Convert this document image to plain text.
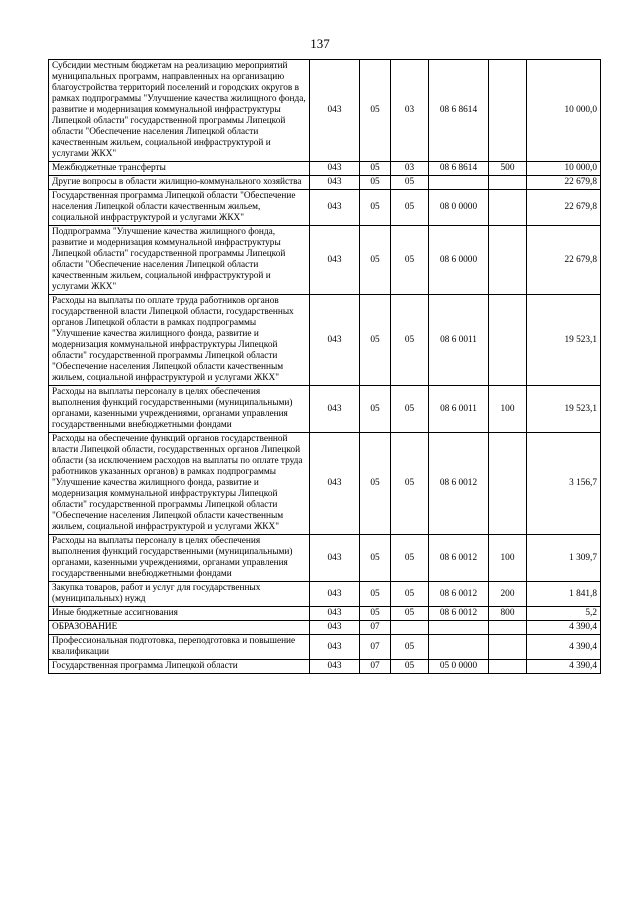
137
Субсидии местным бюджетам на реализацию мероприятий муниципальных программ, направленных на организацию благоустройства территорий поселений и городских округов в рамках подпрограммы "Улучшение качества жилищного фонда, развитие и модернизация коммунальной инфраструктуры Липецкой области" государственной программы Липецкой области "Обеспечение населения Липецкой области качественным жильем, социальной инфраструктурой и услугами ЖКХ"	043	05	03	08 6 8614		10 000,0
Межбюджетные трансферты	043	05	03	08 6 8614	500	10 000,0
Другие вопросы в области жилищно-коммунального хозяйства	043	05	05			22 679,8
Государственная программа Липецкой области "Обеспечение населения Липецкой области качественным жильем, социальной инфраструктурой и услугами ЖКХ"	043	05	05	08 0 0000		22 679,8
Подпрограмма "Улучшение качества жилищного фонда, развитие и модернизация коммунальной инфраструктуры Липецкой области" государственной программы Липецкой области "Обеспечение населения Липецкой области качественным жильем, социальной инфраструктурой и услугами ЖКХ"	043	05	05	08 6 0000		22 679,8
Расходы на выплаты по оплате труда работников органов государственной власти Липецкой области, государственных органов Липецкой области в рамках подпрограммы "Улучшение качества жилищного фонда, развитие и модернизация коммунальной инфраструктуры Липецкой области" государственной программы Липецкой области "Обеспечение населения Липецкой области качественным жильем, социальной инфраструктурой и услугами ЖКХ"	043	05	05	08 6 0011		19 523,1
Расходы на выплаты персоналу в целях обеспечения выполнения функций государственными (муниципальными) органами, казенными учреждениями, органами управления государственными внебюджетными фондами	043	05	05	08 6 0011	100	19 523,1
Расходы на обеспечение функций органов государственной власти Липецкой области, государственных органов Липецкой области (за исключением расходов на выплаты по оплате труда работников указанных органов) в рамках подпрограммы "Улучшение качества жилищного фонда, развитие и модернизация коммунальной инфраструктуры Липецкой области" государственной программы Липецкой области "Обеспечение населения Липецкой области качественным жильем, социальной инфраструктурой и услугами ЖКХ"	043	05	05	08 6 0012		3 156,7
Расходы на выплаты персоналу в целях обеспечения выполнения функций государственными (муниципальными) органами, казенными учреждениями, органами управления государственными внебюджетными фондами	043	05	05	08 6 0012	100	1 309,7
Закупка товаров, работ и услуг для государственных (муниципальных) нужд	043	05	05	08 6 0012	200	1 841,8
Иные бюджетные ассигнования	043	05	05	08 6 0012	800	5,2
ОБРАЗОВАНИЕ	043	07				4 390,4
Профессиональная подготовка, переподготовка и повышение квалификации	043	07	05			4 390,4
Государственная программа Липецкой области	043	07	05	05 0 0000		4 390,4
